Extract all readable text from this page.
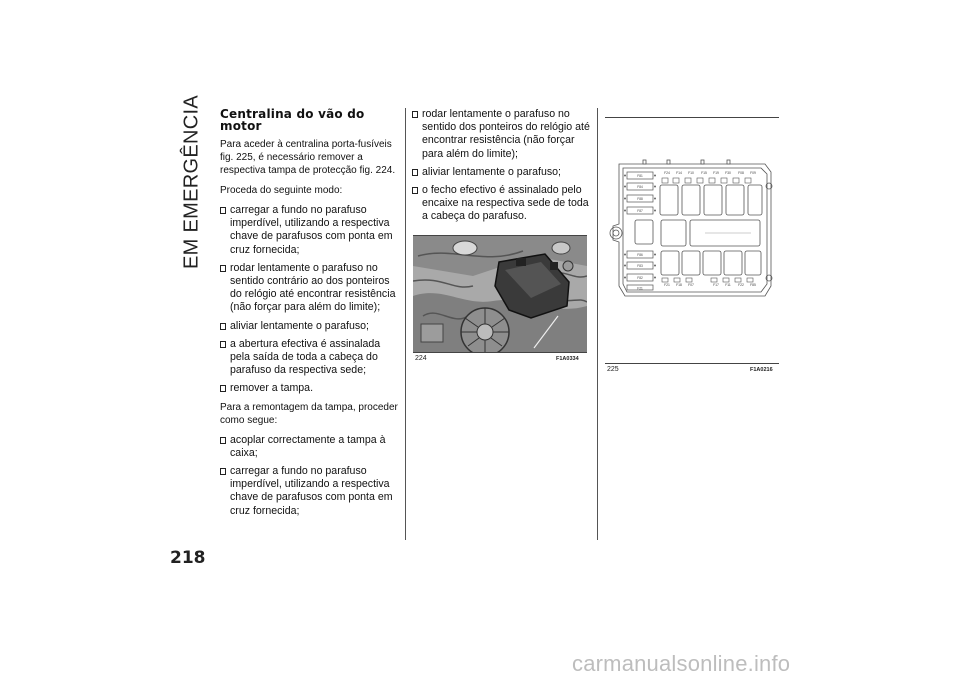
EM EMERGÊNCIA Centralina do vão do motor

Para aceder à centralina porta-fusíveis fig. 225, é necessário remover a respectiva tampa de protecção fig. 224.

Proceda do seguinte modo:

carregar a fundo no parafuso imperdível, utilizando a respectiva chave de parafusos com ponta em cruz fornecida;
rodar lentamente o parafuso no sentido contrário ao dos ponteiros do relógio até encontrar resistência (não forçar para além do limite);
aliviar lentamente o parafuso;
a abertura efectiva é assinalada pela saída de toda a cabeça do parafuso da respectiva sede;
remover a tampa.

Para a remontagem da tampa, proceder como segue:

acoplar correctamente a tampa à caixa;
carregar a fundo no parafuso imperdível, utilizando a respectiva chave de parafusos com ponta em cruz fornecida;
rodar lentamente o parafuso no sentido dos ponteiros do relógio até encontrar resistência (não forçar para além do limite);
aliviar lentamente o parafuso;
o fecho efectivo é assinalado pelo encaixe na respectiva sede de toda a cabeça do parafuso.
224	F1A0334
F81
F84
F88
F87
F86
F83
F82
F21
F24 F14 F10 F15 F19 F30 F08 F09
F21 F18 F07	F17 F11 F22 F85
225	F1A0216
218
carmanualsonline.info
